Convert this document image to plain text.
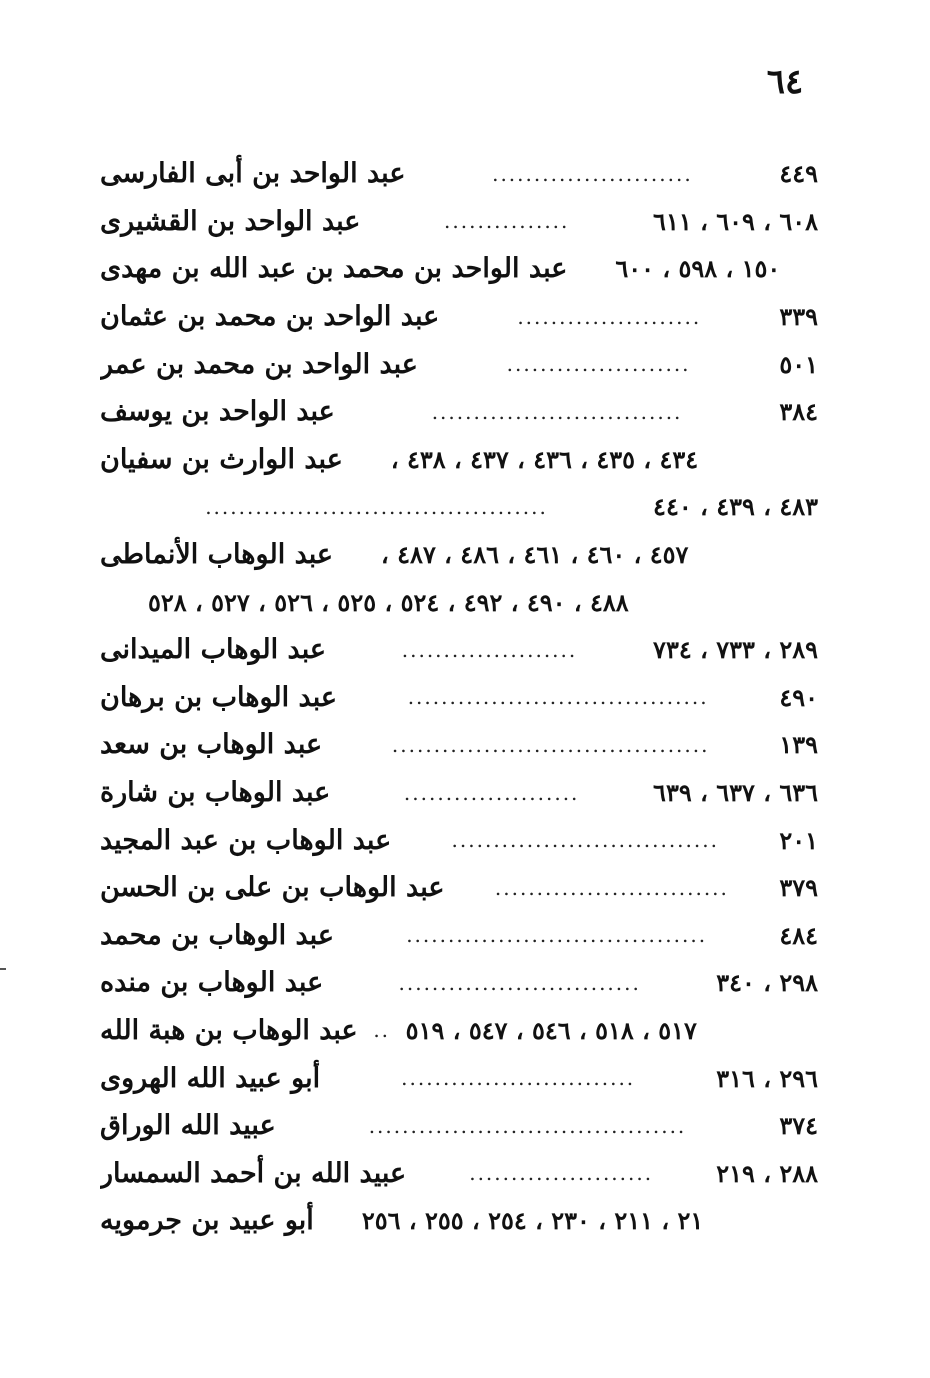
٦٤
عبد الواحد بن أبى الفارسى	........................	٤٤٩
عبد الواحد بن القشيرى	...............	٦٠٨ ، ٦٠٩ ، ٦١١
عبد الواحد بن محمد بن عبد الله بن مهدى ١٥٠ ، ٥٩٨ ، ٦٠٠
عبد الواحد بن محمد بن عثمان	......................	٣٣٩
عبد الواحد بن محمد بن عمر	......................	٥٠١
عبد الواحد بن يوسف	..............................	٣٨٤
عبد الوارث بن سفيان ٤٣٤ ، ٤٣٥ ، ٤٣٦ ، ٤٣٧ ، ٤٣٨ ،
.........................................	٤٨٣ ، ٤٣٩ ، ٤٤٠
عبد الوهاب الأنماطى ٤٥٧ ، ٤٦٠ ، ٤٦١ ، ٤٨٦ ، ٤٨٧ ،
٤٨٨ ، ٤٩٠ ، ٤٩٢ ، ٥٢٤ ، ٥٢٥ ، ٥٢٦ ، ٥٢٧ ، ٥٢٨
عبد الوهاب الميدانى	.....................	٢٨٩ ، ٧٣٣ ، ٧٣٤
عبد الوهاب بن برهان	....................................	٤٩٠
عبد الوهاب بن سعد	......................................	١٣٩
عبد الوهاب بن شارة	.....................	٦٣٦ ، ٦٣٧ ، ٦٣٩
عبد الوهاب بن عبد المجيد	................................	٢٠١
عبد الوهاب بن على بن الحسن	............................	٣٧٩
عبد الوهاب بن محمد	....................................	٤٨٤
عبد الوهاب بن منده	.............................	٢٩٨ ، ٣٤٠
عبد الوهاب بن هبة الله .. ٥١٧ ، ٥١٨ ، ٥٤٦ ، ٥٤٧ ، ٥١٩
أبو عبيد الله الهروى	............................	٢٩٦ ، ٣١٦
عبيد الله الوراق	......................................	٣٧٤
عبيد الله بن أحمد السمسار	......................	٢٨٨ ، ٢١٩
أبو عبيد بن جرمويه ٢١ ، ٢١١ ، ٢٣٠ ، ٢٥٤ ، ٢٥٥ ، ٢٥٦
